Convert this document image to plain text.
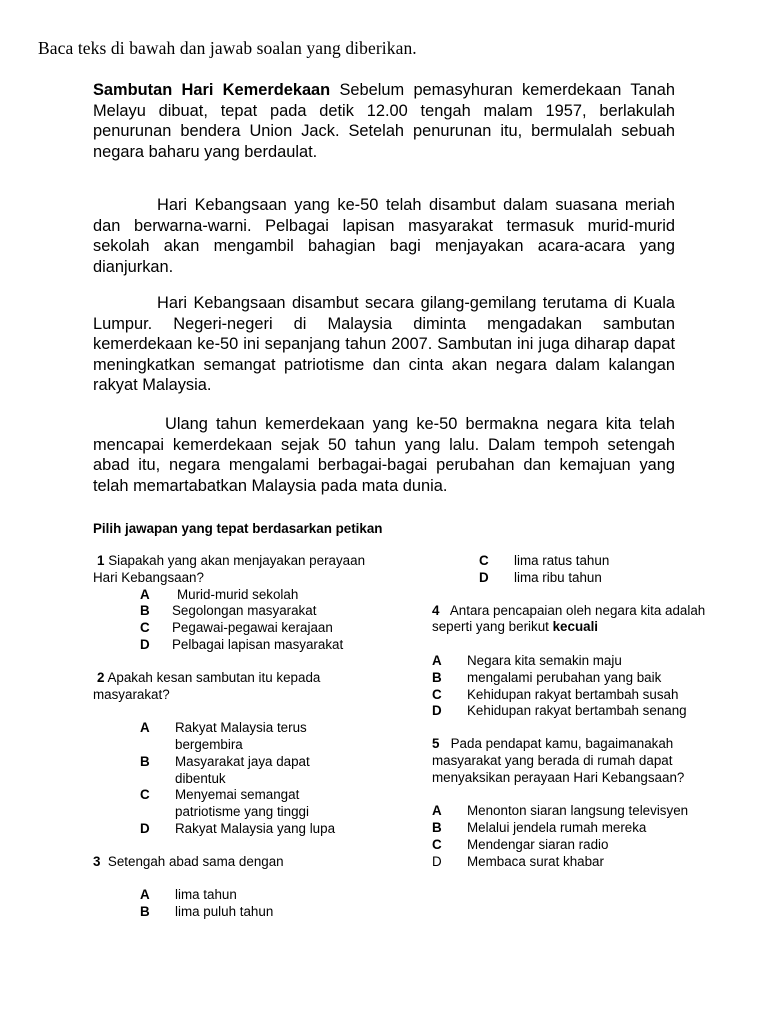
Baca teks di bawah dan jawab soalan yang diberikan.

Sambutan Hari Kemerdekaan Sebelum pemasyhuran kemerdekaan Tanah Melayu dibuat, tepat pada detik 12.00 tengah malam 1957, berlakulah penurunan bendera Union Jack. Setelah penurunan itu, bermulalah sebuah negara baharu yang berdaulat.

Hari Kebangsaan yang ke-50 telah disambut dalam suasana meriah dan berwarna-warni. Pelbagai lapisan masyarakat termasuk murid-murid sekolah akan mengambil bahagian bagi menjayakan acara-acara yang dianjurkan.

Hari Kebangsaan disambut secara gilang-gemilang terutama di Kuala Lumpur. Negeri-negeri di Malaysia diminta mengadakan sambutan kemerdekaan ke-50 ini sepanjang tahun 2007. Sambutan ini juga diharap dapat meningkatkan semangat patriotisme dan cinta akan negara dalam kalangan rakyat Malaysia.

Ulang tahun kemerdekaan yang ke-50 bermakna negara kita telah mencapai kemerdekaan sejak 50 tahun yang lalu. Dalam tempoh setengah abad itu, negara mengalami berbagai-bagai perubahan dan kemajuan yang telah memartabatkan Malaysia pada mata dunia.

Pilih jawapan yang tepat berdasarkan petikan

1 Siapakah yang akan menjayakan perayaan Hari Kebangsaan?

A Murid-murid sekolah
B Segolongan masyarakat
C Pegawai-pegawai kerajaan
D Pelbagai lapisan masyarakat

2 Apakah kesan sambutan itu kepada masyarakat?

A Rakyat Malaysia terus bergembira
B Masyarakat jaya dapat dibentuk
C Menyemai semangat patriotisme yang tinggi
D Rakyat Malaysia yang lupa

3 Setengah abad sama dengan

A lima tahun
B lima puluh tahun
C lima ratus tahun
D lima ribu tahun

4 Antara pencapaian oleh negara kita adalah seperti yang berikut kecuali

A Negara kita semakin maju
B mengalami perubahan yang baik
C Kehidupan rakyat bertambah susah
D Kehidupan rakyat bertambah senang

5 Pada pendapat kamu, bagaimanakah masyarakat yang berada di rumah dapat menyaksikan perayaan Hari Kebangsaan?

A Menonton siaran langsung televisyen
B Melalui jendela rumah mereka
C Mendengar siaran radio
D Membaca surat khabar
